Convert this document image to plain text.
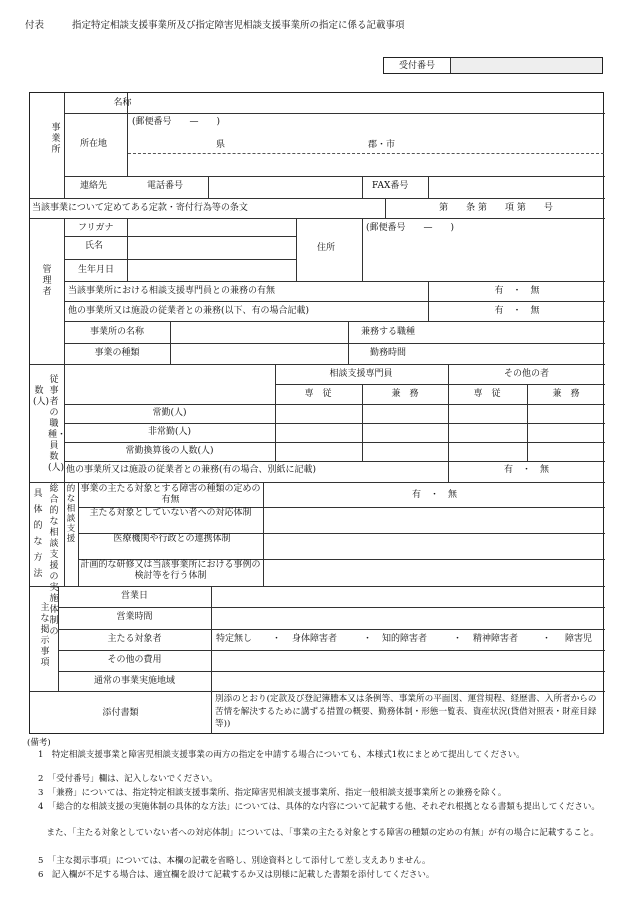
付表	指定特定相談支援事業所及び指定障害児相談支援事業所の指定に係る記載事項
受付番号
事業所
名称
所在地
(郵便番号　　—　　)
県	郡・市
連絡先	電話番号	FAX番号
当該事業について定めてある定款・寄付行為等の条文	第　　条 第　　項 第　　号
管理者
フリガナ
氏名
生年月日
住所
(郵便番号　　—　　)
当該事業所における相談支援専門員との兼務の有無	有　・　無
他の事業所又は施設の従業者との兼務(以下、有の場合記載)	有　・　無
事業所の名称	兼務する職種
事業の種類	勤務時間
数(人)
従事者の職種・員数(人)
相談支援専門員	その他の者
専　従	兼　務	専　従	兼　務
常勤(人)
非常勤(人)
常勤換算後の人数(人)
他の事業所又は施設の従業者との兼務(有の場合、別紙に記載)	有　・　無
具体的な方法
総合的な相談支援の実施体制の
的な相談支援
事業の主たる対象とする障害の種類の定めの有無	有　・　無
主たる対象としていない者への対応体制
医療機関や行政との連携体制
計画的な研修又は当該事業所における事例の検討等を行う体制
主な掲示事項
営業日
営業時間
主たる対象者	特定無し ・ 身体障害者	・ 知的障害者	・ 精神障害者	・ 障害児
その他の費用
通常の事業実施地域
添付書類
別添のとおり(定款及び登記簿謄本又は条例等、事業所の平面図、運営規程、経歴書、入所者からの苦情を解決するために講ずる措置の概要、勤務体制・形態一覧表、資産状況(貸借対照表・財産目録等))
(備考)
1　特定相談支援事業と障害児相談支援事業の両方の指定を申請する場合についても、本様式1枚にまとめて提出してください。
2　「受付番号」欄は、記入しないでください。
3　「兼務」については、指定特定相談支援事業所、指定障害児相談支援事業所、指定一般相談支援事業所との兼務を除く。
4　「総合的な相談支援の実施体制の具体的な方法」については、具体的な内容について記載する他、それぞれ根拠となる書類も提出してください。
　また、「主たる対象としていない者への対応体制」については、「事業の主たる対象とする障害の種類の定めの有無」が有の場合に記載すること。
5　「主な掲示事項」については、本欄の記載を省略し、別途資料として添付して差し支えありません。
6　記入欄が不足する場合は、適宜欄を設けて記載するか又は別様に記載した書類を添付してください。
